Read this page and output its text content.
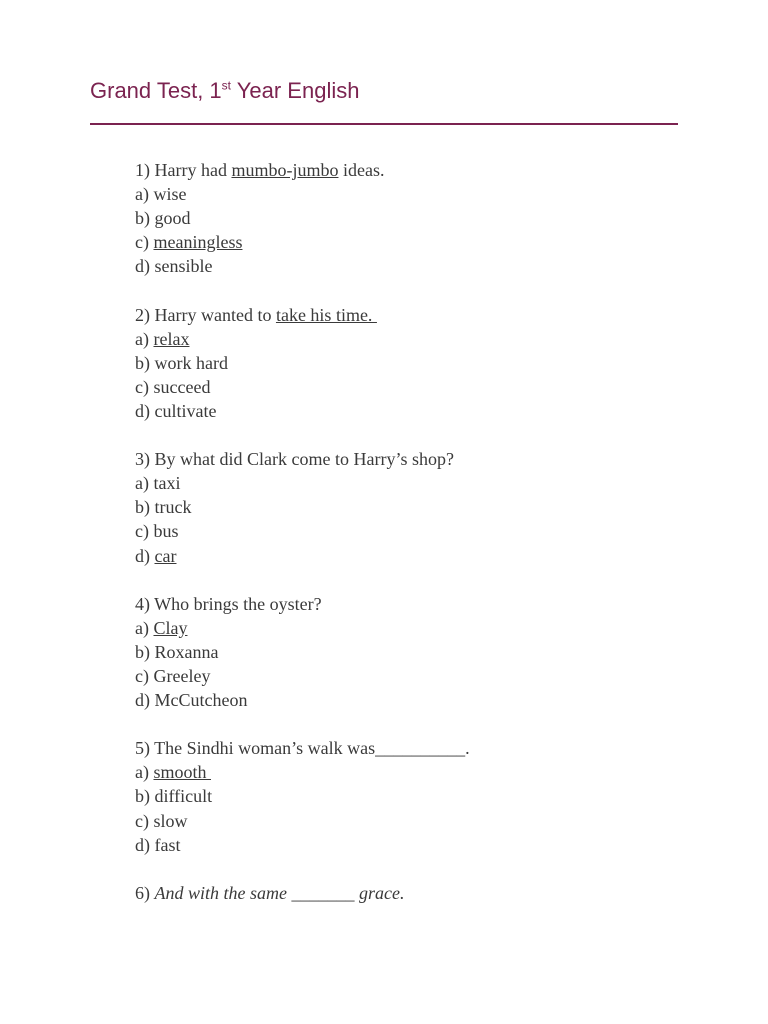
Grand Test, 1st Year English
1) Harry had mumbo-jumbo ideas.
a) wise
b) good
c) meaningless
d) sensible
2) Harry wanted to take his time.
a) relax
b) work hard
c) succeed
d) cultivate
3) By what did Clark come to Harry’s shop?
a) taxi
b) truck
c) bus
d) car
4) Who brings the oyster?
a) Clay
b) Roxanna
c) Greeley
d) McCutcheon
5) The Sindhi woman’s walk was__________.
a) smooth
b) difficult
c) slow
d) fast
6) And with the same _______ grace.
